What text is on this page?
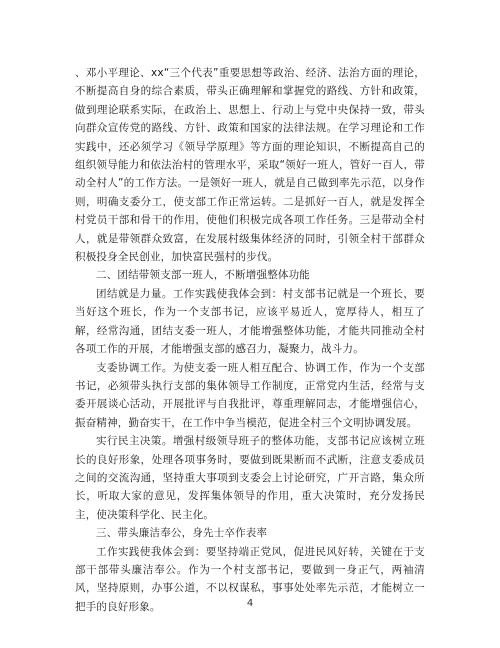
、邓小平理论、xx“三个代表”重要思想等政治、经济、法治方面的理论，不断提高自身的综合素质，带头正确理解和掌握党的路线、方针和政策，做到理论联系实际，在政治上、思想上、行动上与党中央保持一致，带头向群众宣传党的路线、方针、政策和国家的法律法规。在学习理论和工作实践中，还必须学习《领导学原理》等方面的理论知识，不断提高自己的组织领导能力和依法治村的管理水平，采取“领好一班人，管好一百人，带动全村人”的工作方法。一是领好一班人，就是自己做到率先示范，以身作则，明确支委分工，使支部工作正常运转。二是抓好一百人，就是发挥全村党员干部和骨干的作用，使他们积极完成各项工作任务。三是带动全村人，就是带领群众致富，在发展村级集体经济的同时，引领全村干部群众积极投身全民创业，加快富民强村的步伐。

二、团结带领支部一班人，不断增强整体功能

团结就是力量。工作实践使我体会到：村支部书记就是一个班长，要当好这个班长，作为一个支部书记，应该平易近人，宽厚待人，相互了解，经常沟通，团结支委一班人，才能增强整体功能，才能共同推动全村各项工作的开展，才能增强支部的感召力，凝聚力，战斗力。

支委协调工作。为使支委一班人相互配合、协调工作，作为一个支部书记，必须带头执行支部的集体领导工作制度，正常党内生活，经常与支委开展谈心活动，开展批评与自我批评，尊重理解同志，才能增强信心，振奋精神，勤奋实干，在工作中争当模范，促进全村三个文明协调发展。

实行民主决策。增强村级领导班子的整体功能，支部书记应该树立班长的良好形象，处理各项事务时，要做到既果断而不武断，注意支委成员之间的交流沟通，坚持重大事项到支委会上讨论研究，广开言路，集众所长，听取大家的意见，发挥集体领导的作用，重大决策时，充分发扬民主，使决策科学化、民主化。

三、带头廉洁奉公，身先士卒作表率

工作实践使我体会到：要坚持端正党风，促进民风好转，关键在于支部干部带头廉洁奉公。作为一个村支部书记，要做到一身正气，两袖清风，坚持原则，办事公道，不以权谋私，事事处处率先示范，才能树立一把手的良好形象。	4
